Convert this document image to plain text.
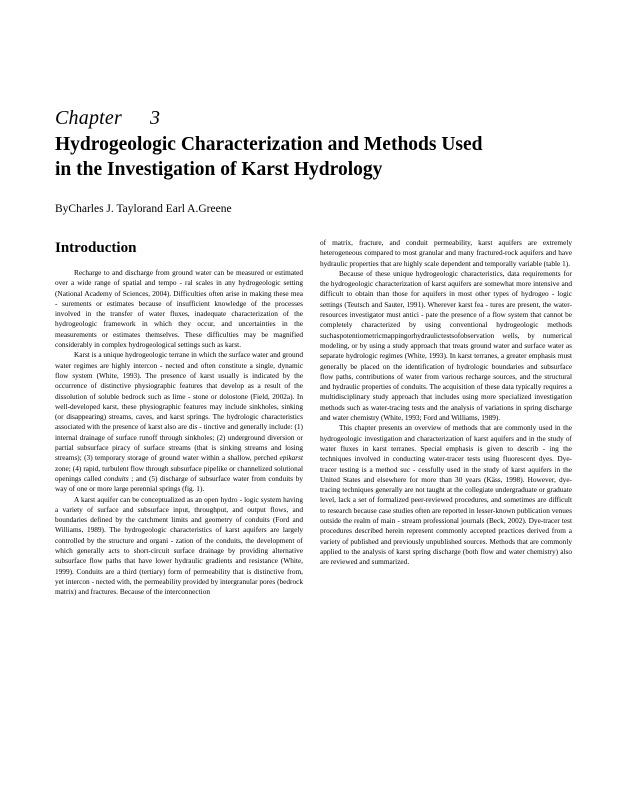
Chapter 3
Hydrogeologic Characterization and Methods Used
in the Investigation of Karst Hydrology
ByCharles J. Taylorand Earl A.Greene
Introduction

Recharge to and discharge from ground water can be measured or estimated over a wide range of spatial and tempo - ral scales in any hydrogeologic setting (National Academy of Sciences, 2004). Difficulties often arise in making these mea - surements or estimates because of insufficient knowledge of the processes involved in the transfer of water fluxes, inadequate characterization of the hydrogeologic framework in which they occur, and uncertainties in the measurements or estimates themselves. These difficulties may be magnified considerably in complex hydrogeological settings such as karst.

Karst is a unique hydrogeologic terrane in which the surface water and ground water regimes are highly intercon - nected and often constitute a single, dynamic flow system (White, 1993). The presence of karst usually is indicated by the occurrence of distinctive physiographic features that develop as a result of the dissolution of soluble bedrock such as lime - stone or dolostone (Field, 2002a). In well-developed karst, these physiographic features may include sinkholes, sinking (or disappearing) streams, caves, and karst springs. The hydrologic characteristics associated with the presence of karst also are dis - tinctive and generally include: (1) internal drainage of surface runoff through sinkholes; (2) underground diversion or partial subsurface piracy of surface streams (that is sinking streams and losing streams); (3) temporary storage of ground water within a shallow, perched epikarst zone; (4) rapid, turbulent flow through subsurface pipelike or channelized solutional openings called conduits ; and (5) discharge of subsurface water from conduits by way of one or more large perennial springs (fig. 1).

A karst aquifer can be conceptualized as an open hydro - logic system having a variety of surface and subsurface input, throughput, and output flows, and boundaries defined by the catchment limits and geometry of conduits (Ford and Williams, 1989). The hydrogeologic characteristics of karst aquifers are largely controlled by the structure and organi - zation of the conduits, the development of which generally acts to short-circuit surface drainage by providing alternative subsurface flow paths that have lower hydraulic gradients and resistance (White, 1999). Conduits are a third (tertiary) form of permeability that is distinctive from, yet intercon - nected with, the permeability provided by intergranular pores (bedrock matrix) and fractures. Because of the interconnection

of matrix, fracture, and conduit permeability, karst aquifers are extremely heterogeneous compared to most granular and many fractured-rock aquifers and have hydraulic properties that are highly scale dependent and temporally variable (table 1).

Because of these unique hydrogeologic characteristics, data requirements for the hydrogeologic characterization of karst aquifers are somewhat more intensive and difficult to obtain than those for aquifers in most other types of hydrogeo - logic settings (Teutsch and Sauter, 1991). Wherever karst fea - tures are present, the water-resources investigator must antici - pate the presence of a flow system that cannot be completely characterized by using conventional hydrogeologic methods suchaspotentiometricmappingorhydraulictestsofobservation wells, by numerical modeling, or by using a study approach that treats ground water and surface water as separate hydrologic regimes (White, 1993). In karst terranes, a greater emphasis must generally be placed on the identification of hydrologic boundaries and subsurface flow paths, contributions of water from various recharge sources, and the structural and hydraulic properties of conduits. The acquisition of these data typically requires a multidisciplinary study approach that includes using more specialized investigation methods such as water-tracing tests and the analysis of variations in spring discharge and water chemistry (White, 1993; Ford and Williams, 1989).

This chapter presents an overview of methods that are commonly used in the hydrogeologic investigation and characterization of karst aquifers and in the study of water fluxes in karst terranes. Special emphasis is given to describ - ing the techniques involved in conducting water-tracer tests using fluorescent dyes. Dye-tracer testing is a method suc - cessfully used in the study of karst aquifers in the United States and elsewhere for more than 30 years (Käss, 1998). However, dye-tracing techniques generally are not taught at the collegiate undergraduate or graduate level, lack a set of formalized peer-reviewed procedures, and sometimes are difficult to research because case studies often are reported in lesser-known publication venues outside the realm of main - stream professional journals (Beck, 2002). Dye-tracer test procedures described herein represent commonly accepted practices derived from a variety of published and previously unpublished sources. Methods that are commonly applied to the analysis of karst spring discharge (both flow and water chemistry) also are reviewed and summarized.
